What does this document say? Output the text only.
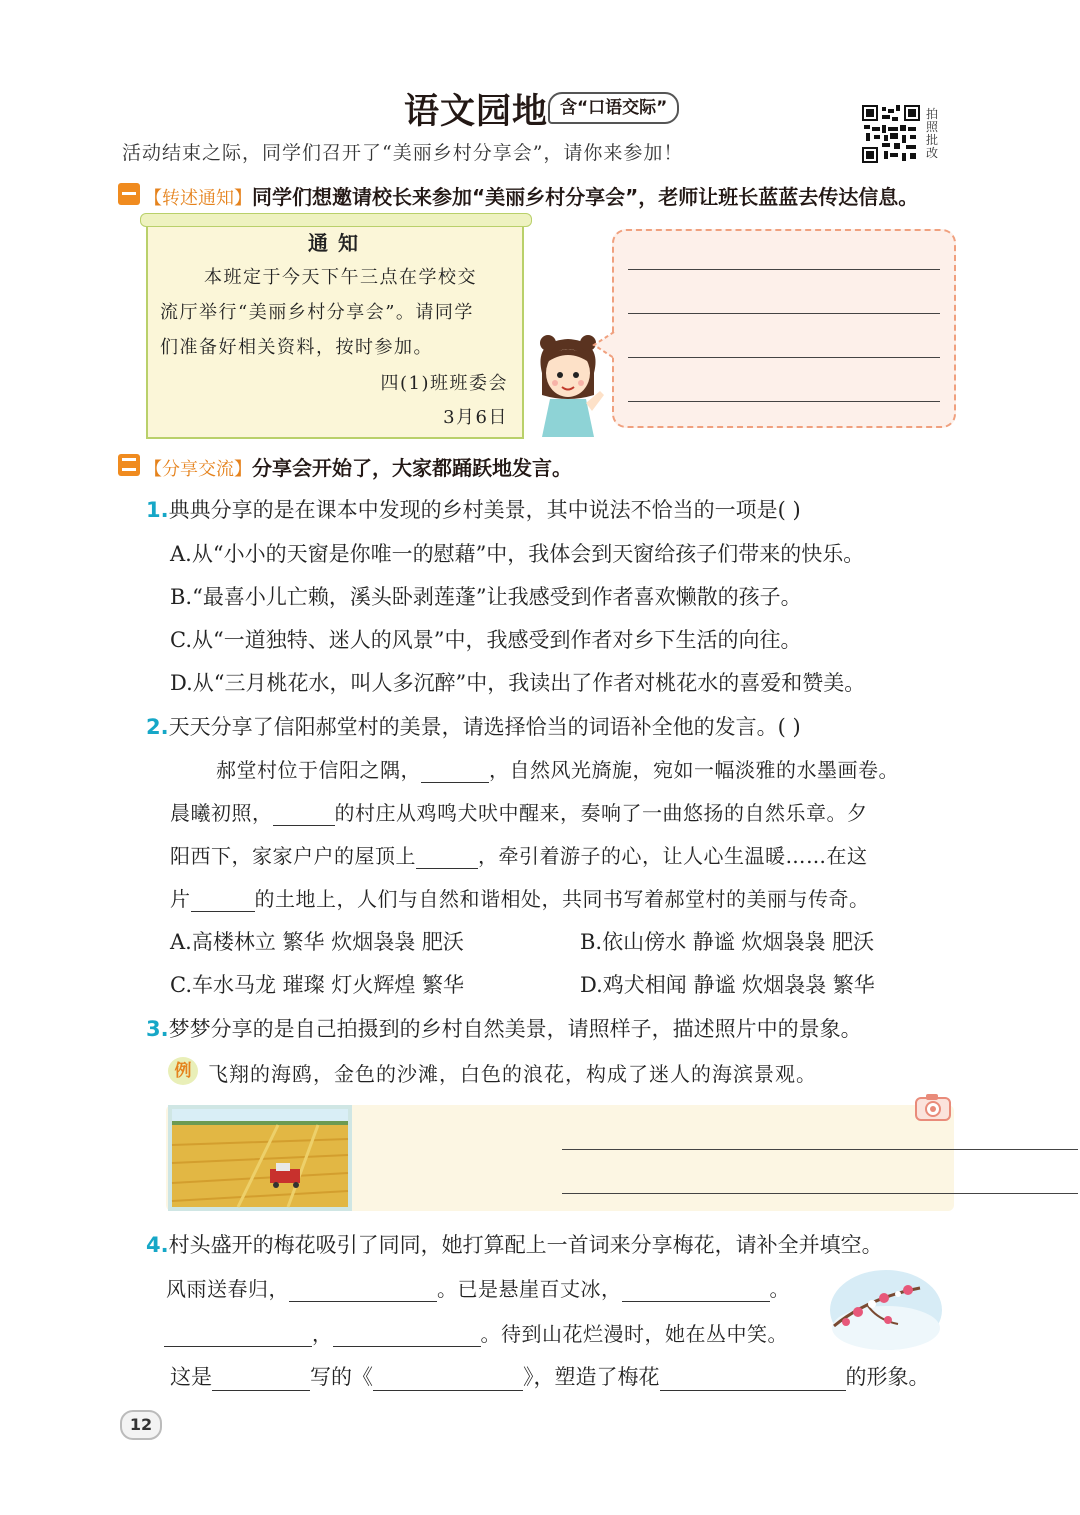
语文园地 含“口语交际”	拍照批改
活动结束之际，同学们召开了“美丽乡村分享会”，请你来参加！
【转述通知】同学们想邀请校长来参加“美丽乡村分享会”，老师让班长蓝蓝去传达信息。
通 知
本班定于今天下午三点在学校交
流厅举行“美丽乡村分享会”。请同学
们准备好相关资料，按时参加。
四(1)班班委会
3月6日
【分享交流】分享会开始了，大家都踊跃地发言。
1.典典分享的是在课本中发现的乡村美景，其中说法不恰当的一项是( )
A.从“小小的天窗是你唯一的慰藉”中，我体会到天窗给孩子们带来的快乐。
B.“最喜小儿亡赖，溪头卧剥莲蓬”让我感受到作者喜欢懒散的孩子。
C.从“一道独特、迷人的风景”中，我感受到作者对乡下生活的向往。
D.从“三月桃花水，叫人多沉醉”中，我读出了作者对桃花水的喜爱和赞美。
2.天天分享了信阳郝堂村的美景，请选择恰当的词语补全他的发言。( )
郝堂村位于信阳之隅，	，自然风光旖旎，宛如一幅淡雅的水墨画卷。
晨曦初照，	的村庄从鸡鸣犬吠中醒来，奏响了一曲悠扬的自然乐章。夕
阳西下，家家户户的屋顶上	，牵引着游子的心，让人心生温暖……在这
片	的土地上，人们与自然和谐相处，共同书写着郝堂村的美丽与传奇。
A.高楼林立 繁华 炊烟袅袅 肥沃	B.依山傍水 静谧 炊烟袅袅 肥沃
C.车水马龙 璀璨 灯火辉煌 繁华	D.鸡犬相闻 静谧 炊烟袅袅 繁华
3.梦梦分享的是自己拍摄到的乡村自然美景，请照样子，描述照片中的景象。
例 飞翔的海鸥，金色的沙滩，白色的浪花，构成了迷人的海滨景观。
4.村头盛开的梅花吸引了同同，她打算配上一首词来分享梅花，请补全并填空。
风雨送春归，	。已是悬崖百丈冰，	。
，	。待到山花烂漫时，她在丛中笑。
这是	写的《	》，塑造了梅花	的形象。
12
